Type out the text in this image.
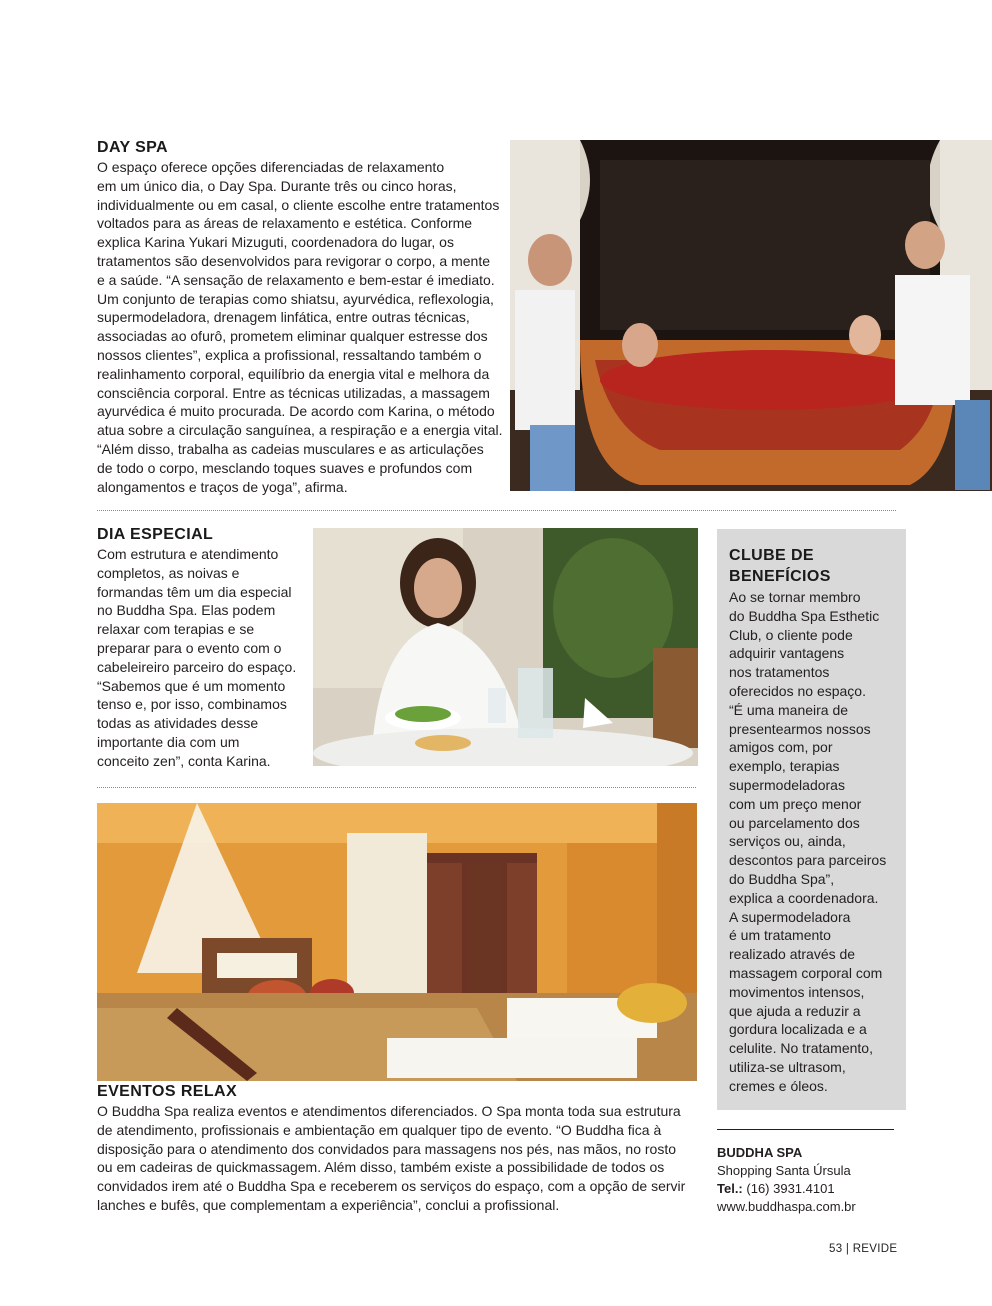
DAY SPA
O espaço oferece opções diferenciadas de relaxamento
em um único dia, o Day Spa. Durante três ou cinco horas,
individualmente ou em casal, o cliente escolhe entre tratamentos
voltados para as áreas de relaxamento e estética. Conforme
explica Karina Yukari Mizuguti, coordenadora do lugar, os
tratamentos são desenvolvidos para revigorar o corpo, a mente
e a saúde. “A sensação de relaxamento e bem-estar é imediato.
Um conjunto de terapias como shiatsu, ayurvédica, reflexologia,
supermodeladora, drenagem linfática, entre outras técnicas,
associadas ao ofurô, prometem eliminar qualquer estresse dos
nossos clientes”, explica a profissional, ressaltando também o
realinhamento corporal, equilíbrio da energia vital e melhora da
consciência corporal. Entre as técnicas utilizadas, a massagem
ayurvédica é muito procurada. De acordo com Karina, o método
atua sobre a circulação sanguínea, a respiração e a energia vital.
“Além disso, trabalha as cadeias musculares e as articulações
de todo o corpo, mesclando toques suaves e profundos com
alongamentos e traços de yoga”, afirma.
DIA ESPECIAL
Com estrutura e atendimento
completos, as noivas e
formandas têm um dia especial
no Buddha Spa. Elas podem
relaxar com terapias e se
preparar para o evento com o
cabeleireiro parceiro do espaço.
“Sabemos que é um momento
tenso e, por isso, combinamos
todas as atividades desse
importante dia com um
conceito zen”, conta Karina.
EVENTOS RELAX
O Buddha Spa realiza eventos e atendimentos diferenciados. O Spa monta toda sua estrutura
de atendimento, profissionais e ambientação em qualquer tipo de evento. “O Buddha fica à
disposição para o atendimento dos convidados para massagens nos pés, nas mãos, no rosto
ou em cadeiras de quickmassagem. Além disso, também existe a possibilidade de todos os
convidados irem até o Buddha Spa e receberem os serviços do espaço, com a opção de servir
lanches e bufês, que complementam a experiência”, conclui a profissional.
CLUBE DE
BENEFÍCIOS
Ao se tornar membro
do Buddha Spa Esthetic
Club, o cliente pode
adquirir vantagens
nos tratamentos
oferecidos no espaço.
“É uma maneira de
presentearmos nossos
amigos com, por
exemplo, terapias
supermodeladoras
com um preço menor
ou parcelamento dos
serviços ou, ainda,
descontos para parceiros
do Buddha Spa”,
explica a coordenadora.
A supermodeladora
é um tratamento
realizado através de
massagem corporal com
movimentos intensos,
que ajuda a reduzir a
gordura localizada e a
celulite. No tratamento,
utiliza-se ultrasom,
cremes e óleos.
BUDDHA SPA
Shopping Santa Úrsula
Tel.: (16) 3931.4101
www.buddhaspa.com.br
53 | REVIDE
